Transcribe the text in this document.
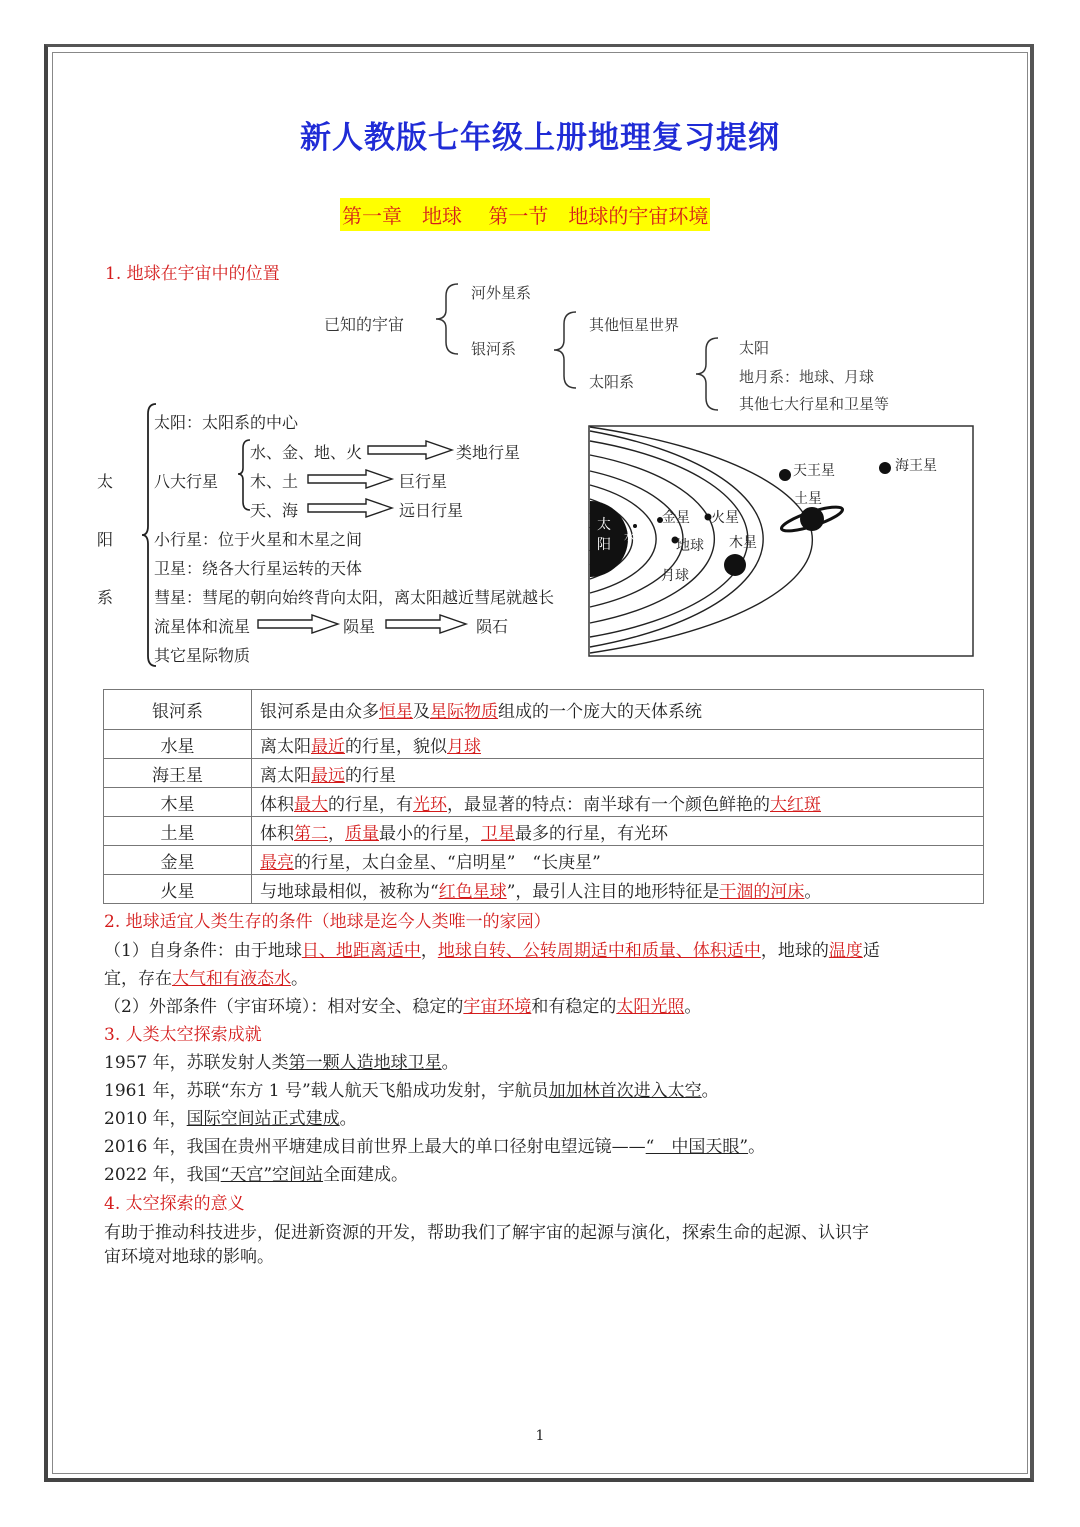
新人教版七年级上册地理复习提纲
第一章　地球　 第一节　地球的宇宙环境
1. 地球在宇宙中的位置
已知的宇宙
河外星系
银河系
其他恒星世界
太阳系
太阳
地月系：地球、月球
其他七大行星和卫星等
太
阳
系
太阳：太阳系的中心
八大行星
水、金、地、火
木、土
天、海
类地行星
巨行星
远日行星
小行星：位于火星和木星之间
卫星：绕各大行星运转的天体
彗星：彗尾的朝向始终背向太阳，离太阳越近彗尾就越长
流星体和流星	陨星	陨石
其它星际物质
太
阳
水星
金星
地球
月球
火星
木星
土星
天王星	海王星
银河系	银河系是由众多恒星及星际物质组成的一个庞大的天体系统
水星	离太阳最近的行星，貌似月球
海王星	离太阳最远的行星
木星	体积最大的行星，有光环，最显著的特点：南半球有一个颜色鲜艳的大红斑
土星	体积第二，质量最小的行星，卫星最多的行星，有光环
金星	最亮的行星，太白金星、“启明星”　“长庚星”
火星	与地球最相似，被称为“红色星球”，最引人注目的地形特征是干涸的河床。
2. 地球适宜人类生存的条件（地球是迄今人类唯一的家园）
（1）自身条件：由于地球日、地距离适中，地球自转、公转周期适中和质量、体积适中，地球的温度适
宜，存在大气和有液态水。
（2）外部条件（宇宙环境）：相对安全、稳定的宇宙环境和有稳定的太阳光照。
3. 人类太空探索成就
1957 年，苏联发射人类第一颗人造地球卫星。
1961 年，苏联“东方 1 号”载人航天飞船成功发射，宇航员加加林首次进入太空。
2010 年，国际空间站正式建成。
2016 年，我国在贵州平塘建成目前世界上最大的单口径射电望远镜——“　中国天眼”。
2022 年，我国“天宫”空间站全面建成。
4. 太空探索的意义
有助于推动科技进步，促进新资源的开发，帮助我们了解宇宙的起源与演化，探索生命的起源、认识宇
宙环境对地球的影响。
1
